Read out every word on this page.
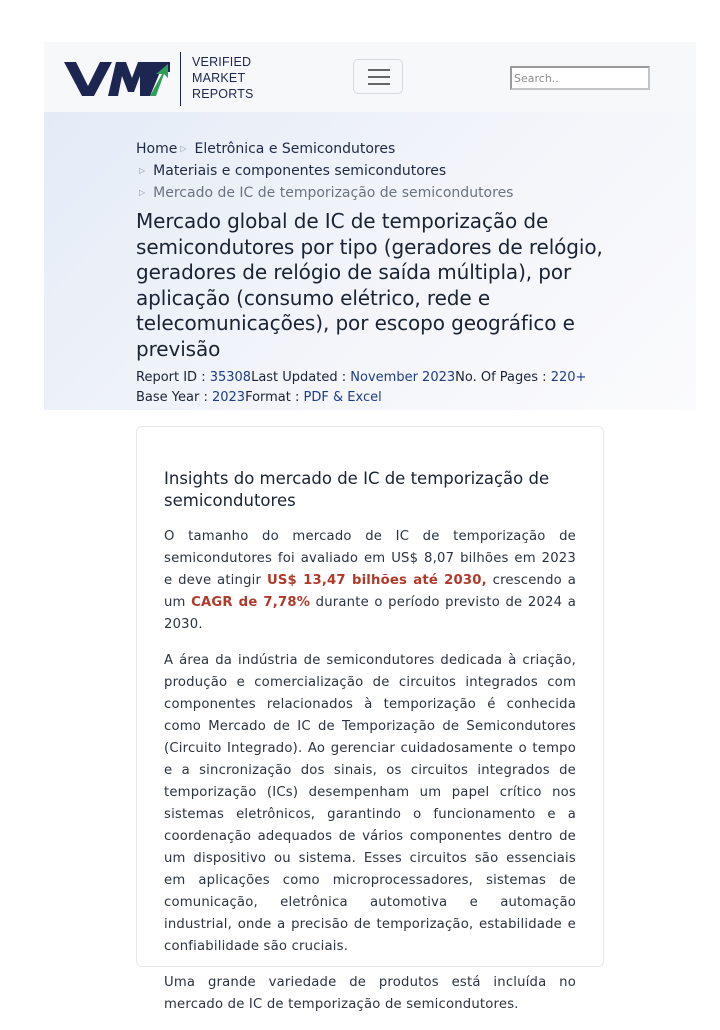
VERIFIED
MARKET
REPORTS
Search..
Home ▷ Eletrônica e Semicondutores
▷ Materiais e componentes semicondutores
▷ Mercado de IC de temporização de semicondutores
Mercado global de IC de temporização de semicondutores por tipo (geradores de relógio, geradores de relógio de saída múltipla), por aplicação (consumo elétrico, rede e telecomunicações), por escopo geográfico e previsão
Report ID : 35308Last Updated : November 2023No. Of Pages : 220+
Base Year : 2023Format : PDF & Excel
Insights do mercado de IC de temporização de semicondutores

O tamanho do mercado de IC de temporização de semicondutores foi avaliado em US$ 8,07 bilhões em 2023 e deve atingir US$ 13,47 bilhões até 2030, crescendo a um CAGR de 7,78% durante o período previsto de 2024 a 2030.

A área da indústria de semicondutores dedicada à criação, produção e comercialização de circuitos integrados com componentes relacionados à temporização é conhecida como Mercado de IC de Temporização de Semicondutores (Circuito Integrado). Ao gerenciar cuidadosamente o tempo e a sincronização dos sinais, os circuitos integrados de temporização (ICs) desempenham um papel crítico nos sistemas eletrônicos, garantindo o funcionamento e a coordenação adequados de vários componentes dentro de um dispositivo ou sistema. Esses circuitos são essenciais em aplicações como microprocessadores, sistemas de comunicação, eletrônica automotiva e automação industrial, onde a precisão de temporização, estabilidade e confiabilidade são cruciais.

Uma grande variedade de produtos está incluída no mercado de IC de temporização de semicondutores.
